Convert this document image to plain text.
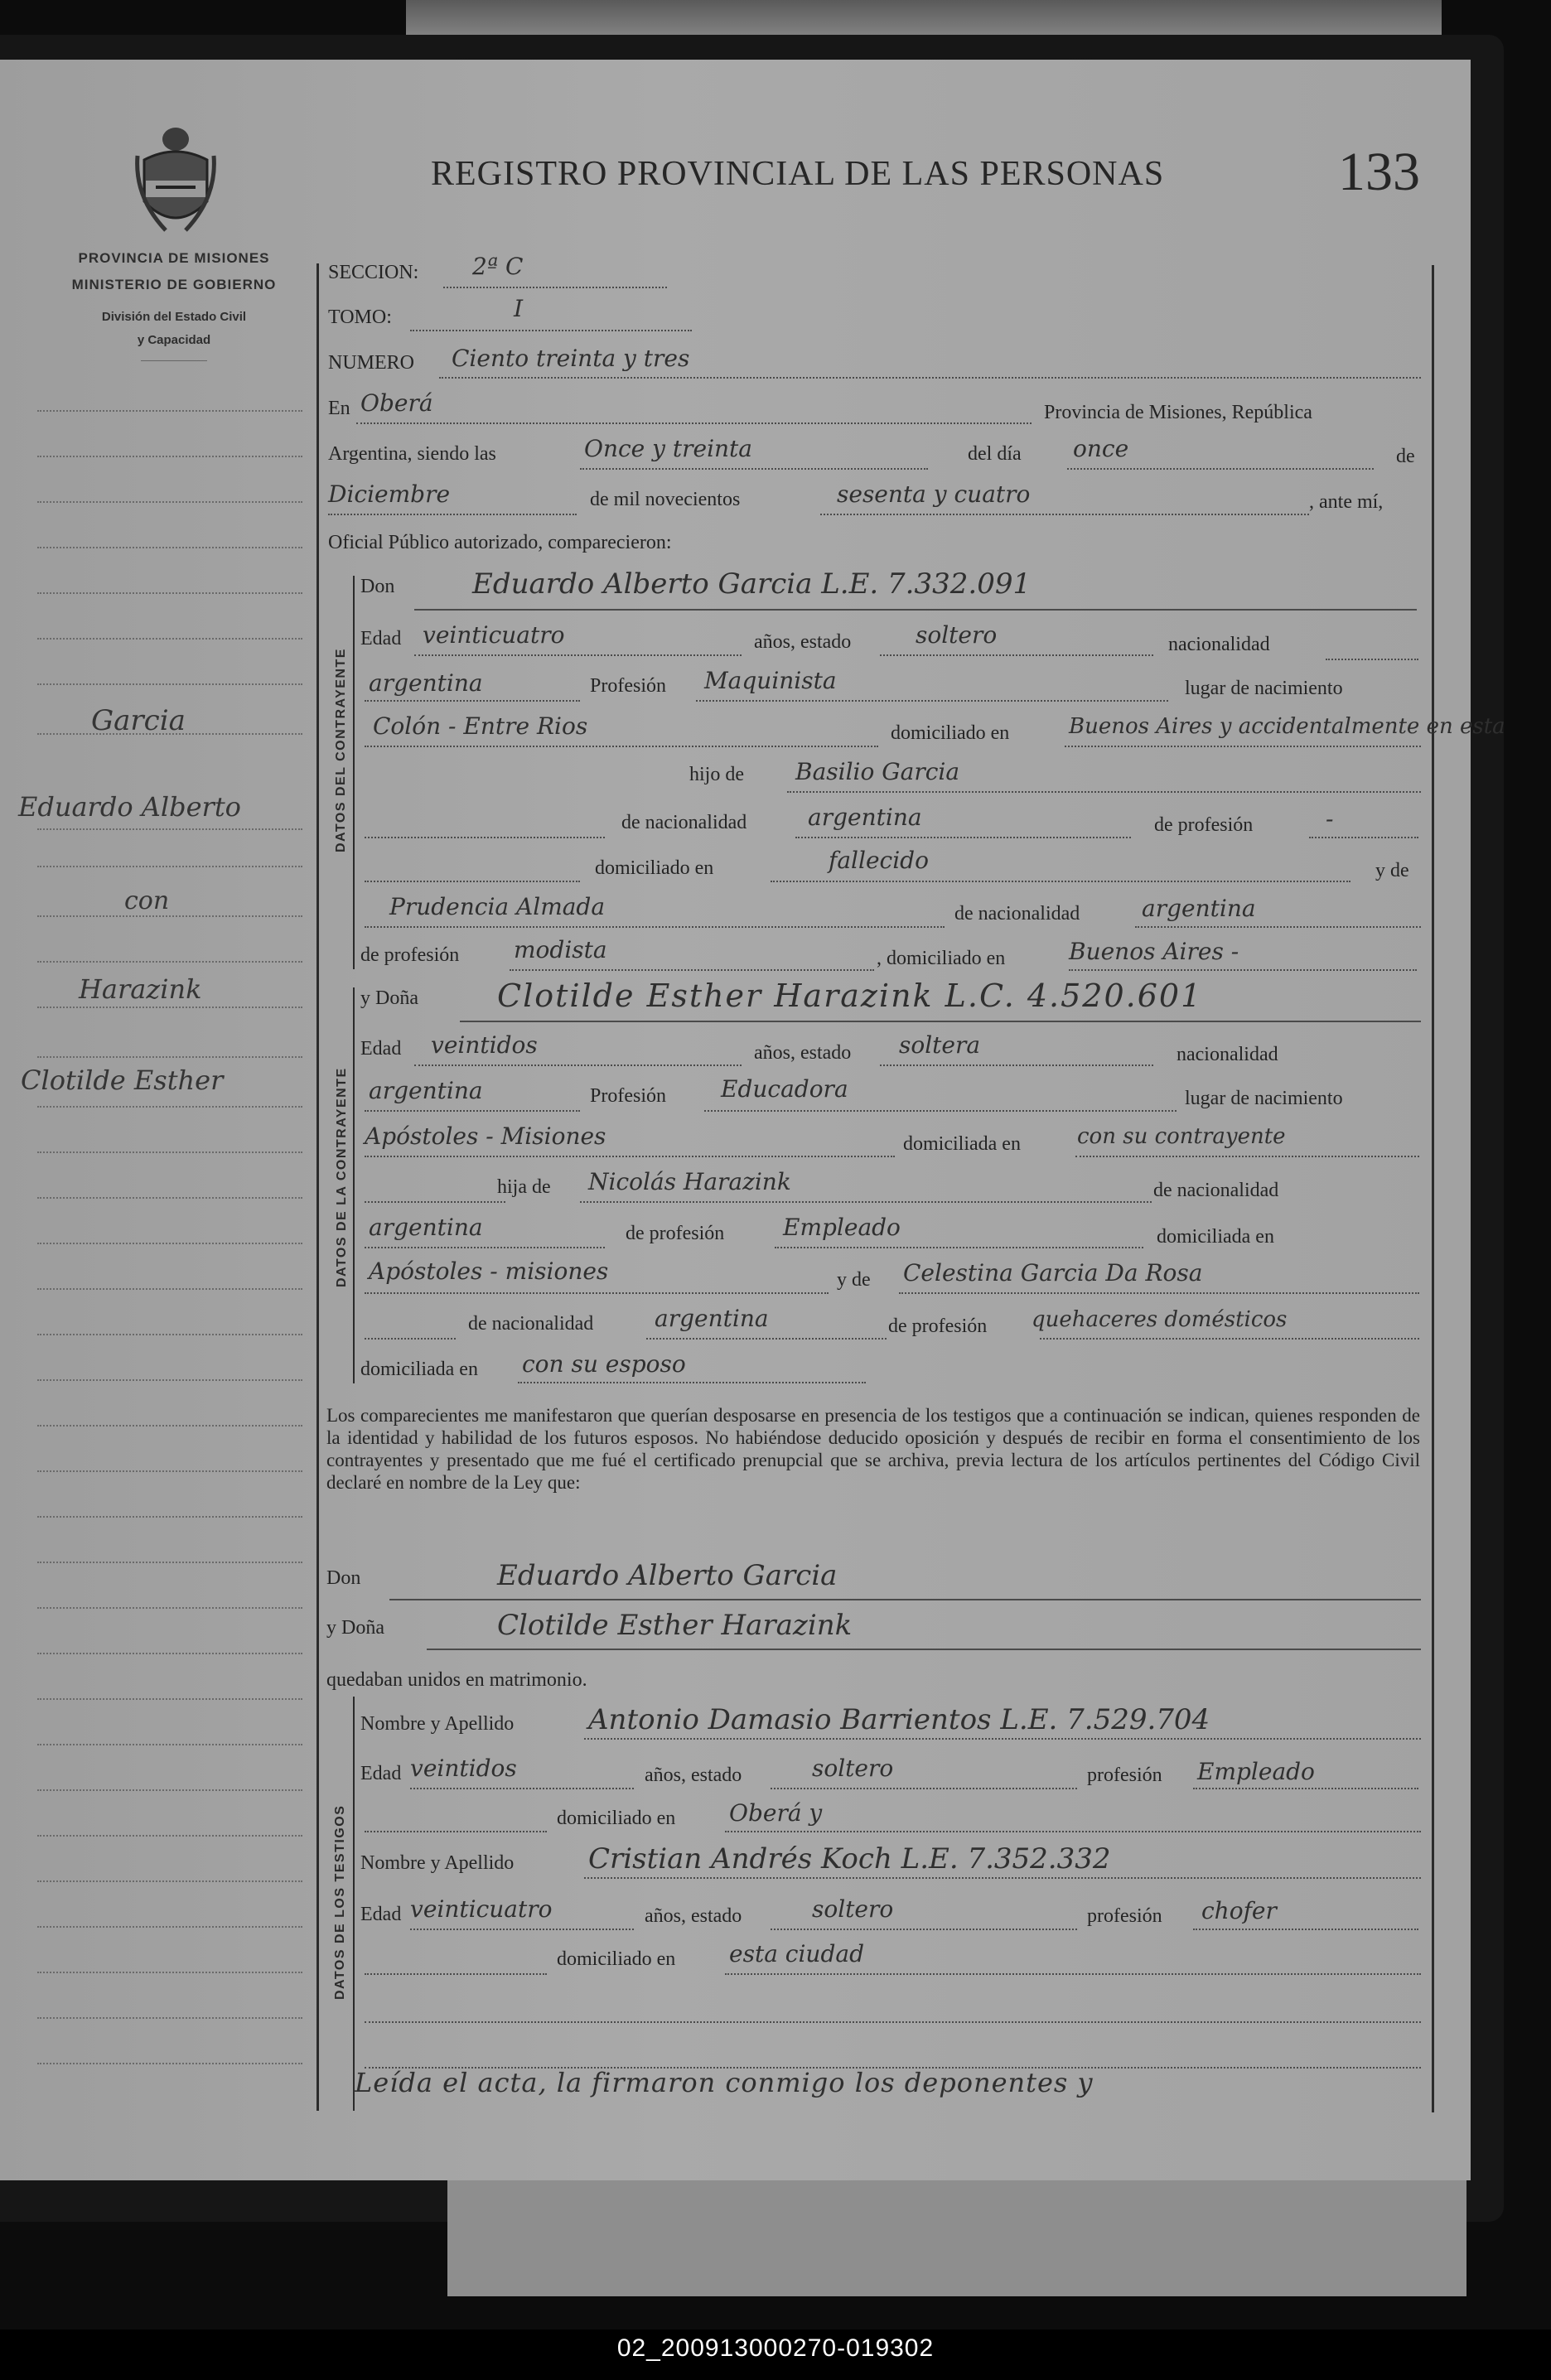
PROVINCIA DE MISIONES
MINISTERIO DE GOBIERNO
División del Estado Civil
y Capacidad
REGISTRO PROVINCIAL DE LAS PERSONAS	133
Garcia
Eduardo Alberto
con
Harazink
Clotilde Esther
DATOS DEL CONTRAYENTE
DATOS DE LA CONTRAYENTE
DATOS DE LOS TESTIGOS
SECCION: 2ª C
TOMO:	I
NUMERO Ciento treinta y tres
En Oberá	Provincia de Misiones, República
Argentina, siendo las	Once y treinta	del día once	de
Diciembre	de mil novecientos	sesenta y cuatro	, ante mí,
Oficial Público autorizado, comparecieron:
Don	Eduardo Alberto Garcia L.E. 7.332.091
Edad veinticuatro	años, estado	soltero	nacionalidad
argentina	Profesión Maquinista	lugar de nacimiento
Colón - Entre Rios	domiciliado en	Buenos Aires y accidentalmente en esta
hijo de Basilio Garcia
de nacionalidad	argentina	de profesión	-
domiciliado en	fallecido	y de
Prudencia Almada	de nacionalidad	argentina
de profesión modista	, domiciliado en	Buenos Aires -
y Doña	Clotilde Esther Harazink L.C. 4.520.601
Edad veintidos	años, estado soltera	nacionalidad
argentina	Profesión Educadora	lugar de nacimiento
Apóstoles - Misiones	domiciliada en	con su contrayente
hija de Nicolás Harazink	de nacionalidad
argentina	de profesión	Empleado	domiciliada en
Apóstoles - misiones	y de Celestina Garcia Da Rosa
de nacionalidad	argentina	de profesión quehaceres domésticos
domiciliada en con su esposo
Los comparecientes me manifestaron que querían desposarse en presencia de los testigos que a continuación se indican, quienes responden de la identidad y habilidad de los futuros esposos. No habiéndose deducido oposición y después de recibir en forma el consentimiento de los contrayentes y presentado que me fué el certificado prenupcial que se archiva, previa lectura de los artículos pertinentes del Código Civil declaré en nombre de la Ley que:
Don	Eduardo Alberto Garcia
y Doña	Clotilde Esther Harazink
quedaban unidos en matrimonio.
Nombre y Apellido	Antonio Damasio Barrientos L.E. 7.529.704
Edad veintidos	años, estado	soltero	profesión Empleado
domiciliado en Oberá y
Nombre y Apellido	Cristian Andrés Koch L.E. 7.352.332
Edad veinticuatro	años, estado	soltero	profesión chofer
domiciliado en esta ciudad
Leída el acta, la firmaron conmigo los deponentes y
02_200913000270-019302
